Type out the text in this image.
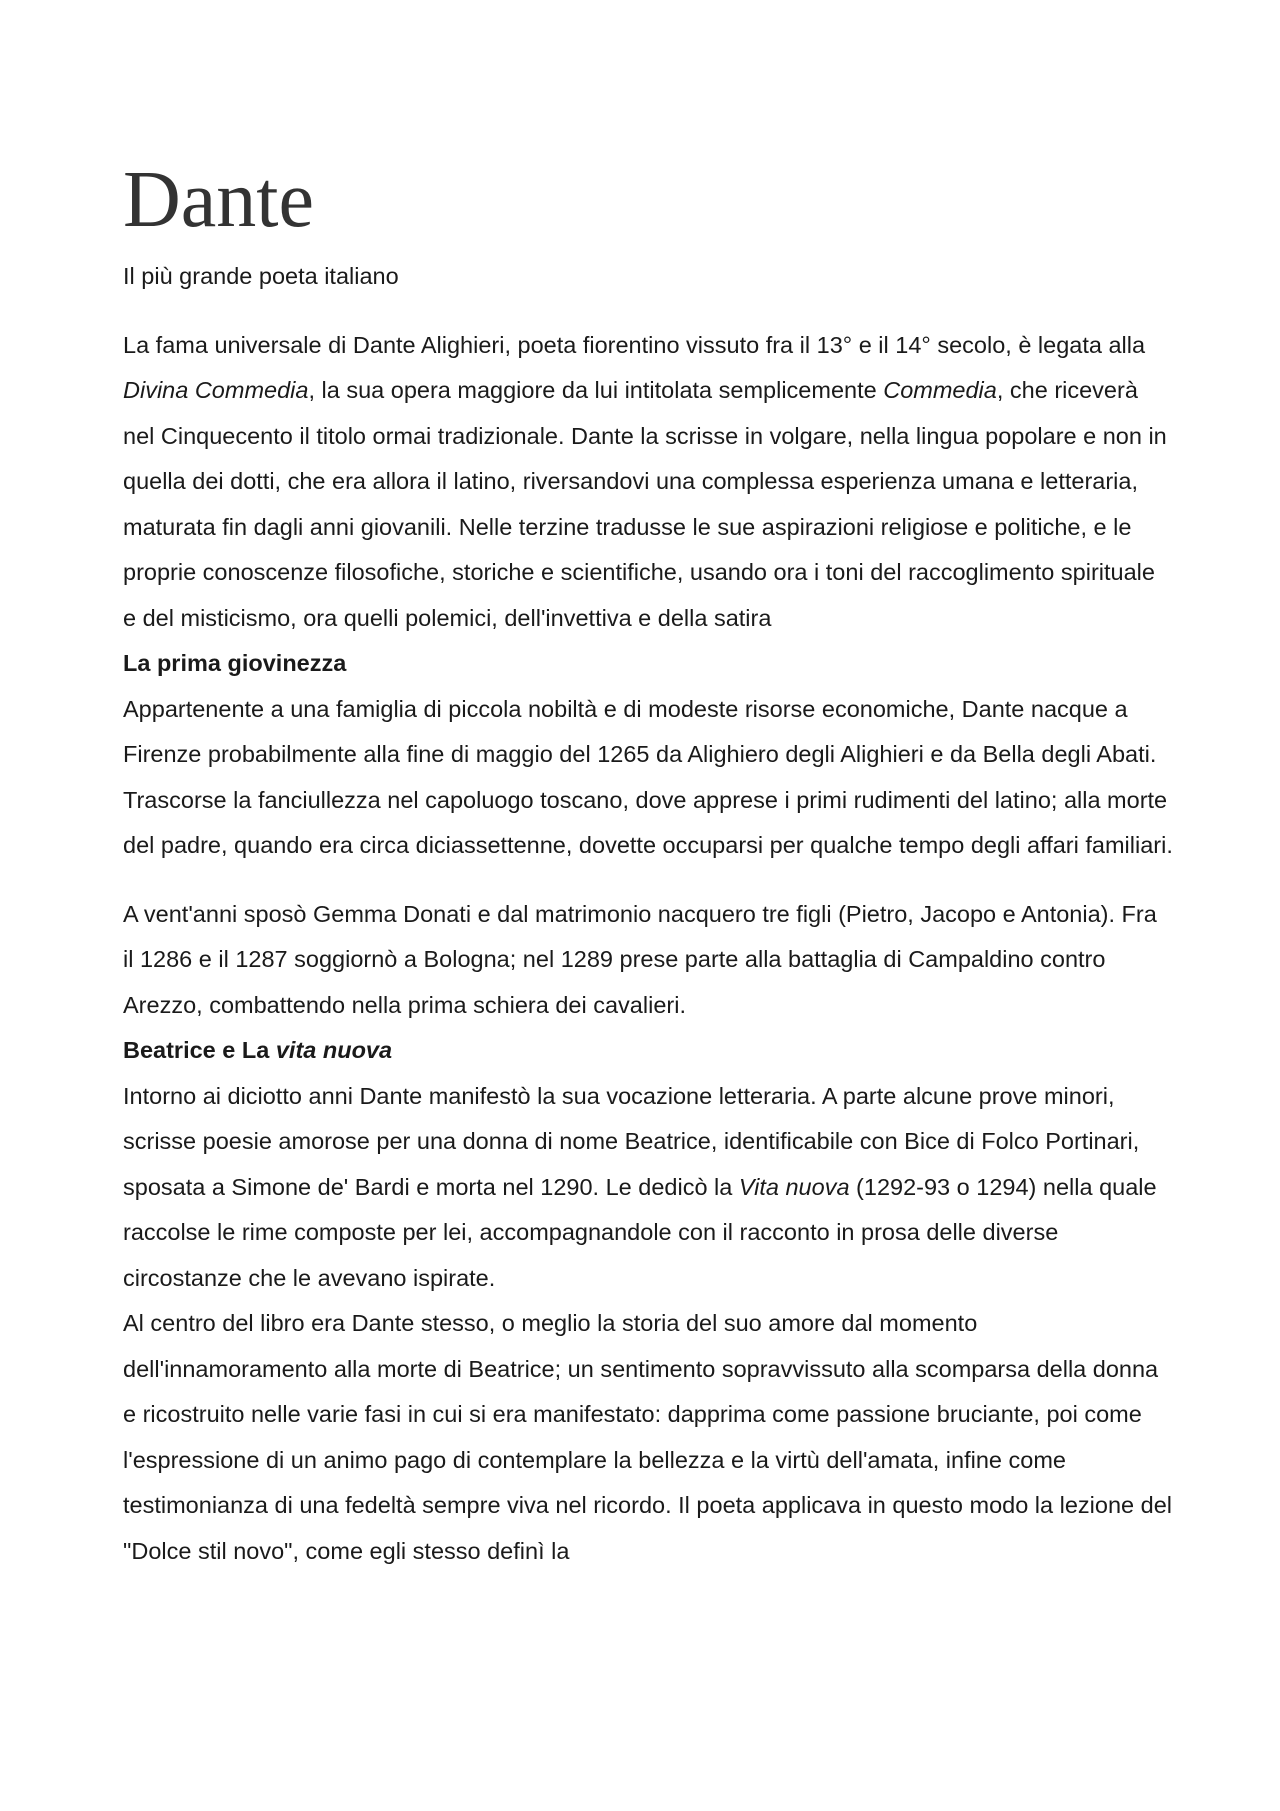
Dante

Il più grande poeta italiano

La fama universale di Dante Alighieri, poeta fiorentino vissuto fra il 13° e il 14° secolo, è legata alla Divina Commedia, la sua opera maggiore da lui intitolata semplicemente Commedia, che riceverà nel Cinquecento il titolo ormai tradizionale. Dante la scrisse in volgare, nella lingua popolare e non in quella dei dotti, che era allora il latino, riversandovi una complessa esperienza umana e letteraria, maturata fin dagli anni giovanili. Nelle terzine tradusse le sue aspirazioni religiose e politiche, e le proprie conoscenze filosofiche, storiche e scientifiche, usando ora i toni del raccoglimento spirituale e del misticismo, ora quelli polemici, dell'invettiva e della satira

La prima giovinezza

Appartenente a una famiglia di piccola nobiltà e di modeste risorse economiche, Dante nacque a Firenze probabilmente alla fine di maggio del 1265 da Alighiero degli Alighieri e da Bella degli Abati. Trascorse la fanciullezza nel capoluogo toscano, dove apprese i primi rudimenti del latino; alla morte del padre, quando era circa diciassettenne, dovette occuparsi per qualche tempo degli affari familiari.

A vent'anni sposò Gemma Donati e dal matrimonio nacquero tre figli (Pietro, Jacopo e Antonia). Fra il 1286 e il 1287 soggiornò a Bologna; nel 1289 prese parte alla battaglia di Campaldino contro Arezzo, combattendo nella prima schiera dei cavalieri.

Beatrice e La vita nuova

Intorno ai diciotto anni Dante manifestò la sua vocazione letteraria. A parte alcune prove minori, scrisse poesie amorose per una donna di nome Beatrice, identificabile con Bice di Folco Portinari, sposata a Simone de' Bardi e morta nel 1290. Le dedicò la Vita nuova (1292-93 o 1294) nella quale raccolse le rime composte per lei, accompagnandole con il racconto in prosa delle diverse circostanze che le avevano ispirate.

Al centro del libro era Dante stesso, o meglio la storia del suo amore dal momento dell'innamoramento alla morte di Beatrice; un sentimento sopravvissuto alla scomparsa della donna e ricostruito nelle varie fasi in cui si era manifestato: dapprima come passione bruciante, poi come l'espressione di un animo pago di contemplare la bellezza e la virtù dell'amata, infine come testimonianza di una fedeltà sempre viva nel ricordo. Il poeta applicava in questo modo la lezione del "Dolce stil novo", come egli stesso definì la
